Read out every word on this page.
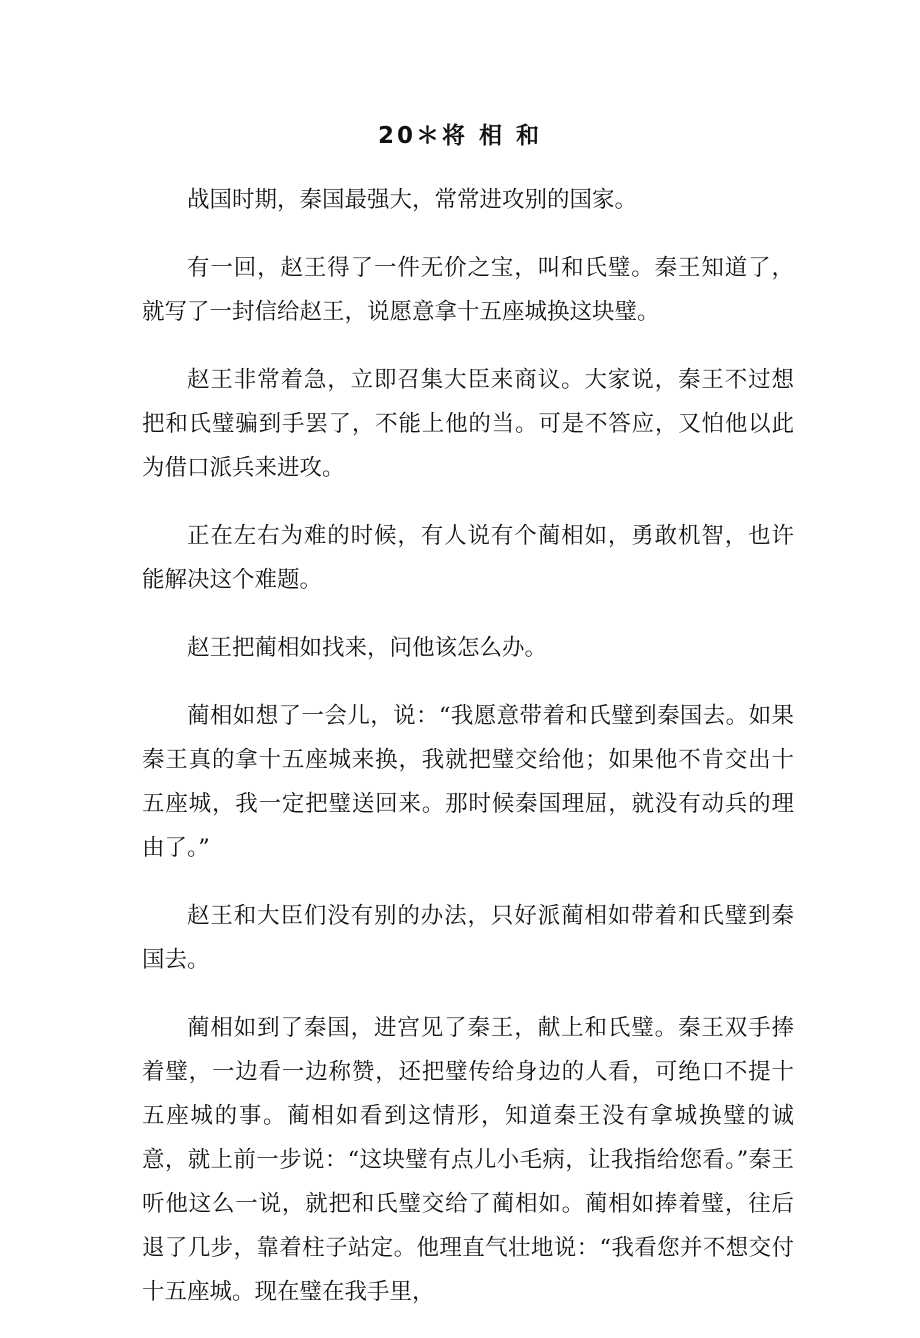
20＊将 相 和

战国时期，秦国最强大，常常进攻别的国家。

有一回，赵王得了一件无价之宝，叫和氏璧。秦王知道了，就写了一封信给赵王，说愿意拿十五座城换这块璧。

赵王非常着急，立即召集大臣来商议。大家说，秦王不过想把和氏璧骗到手罢了，不能上他的当。可是不答应，又怕他以此为借口派兵来进攻。

正在左右为难的时候，有人说有个蔺相如，勇敢机智，也许能解决这个难题。

赵王把蔺相如找来，问他该怎么办。

蔺相如想了一会儿，说：“我愿意带着和氏璧到秦国去。如果秦王真的拿十五座城来换，我就把璧交给他；如果他不肯交出十五座城，我一定把璧送回来。那时候秦国理屈，就没有动兵的理由了。”

赵王和大臣们没有别的办法，只好派蔺相如带着和氏璧到秦国去。

蔺相如到了秦国，进宫见了秦王，献上和氏璧。秦王双手捧着璧，一边看一边称赞，还把璧传给身边的人看，可绝口不提十五座城的事。蔺相如看到这情形，知道秦王没有拿城换璧的诚意，就上前一步说：“这块璧有点儿小毛病，让我指给您看。”秦王听他这么一说，就把和氏璧交给了蔺相如。蔺相如捧着璧，往后退了几步，靠着柱子站定。他理直气壮地说：“我看您并不想交付十五座城。现在璧在我手里，
